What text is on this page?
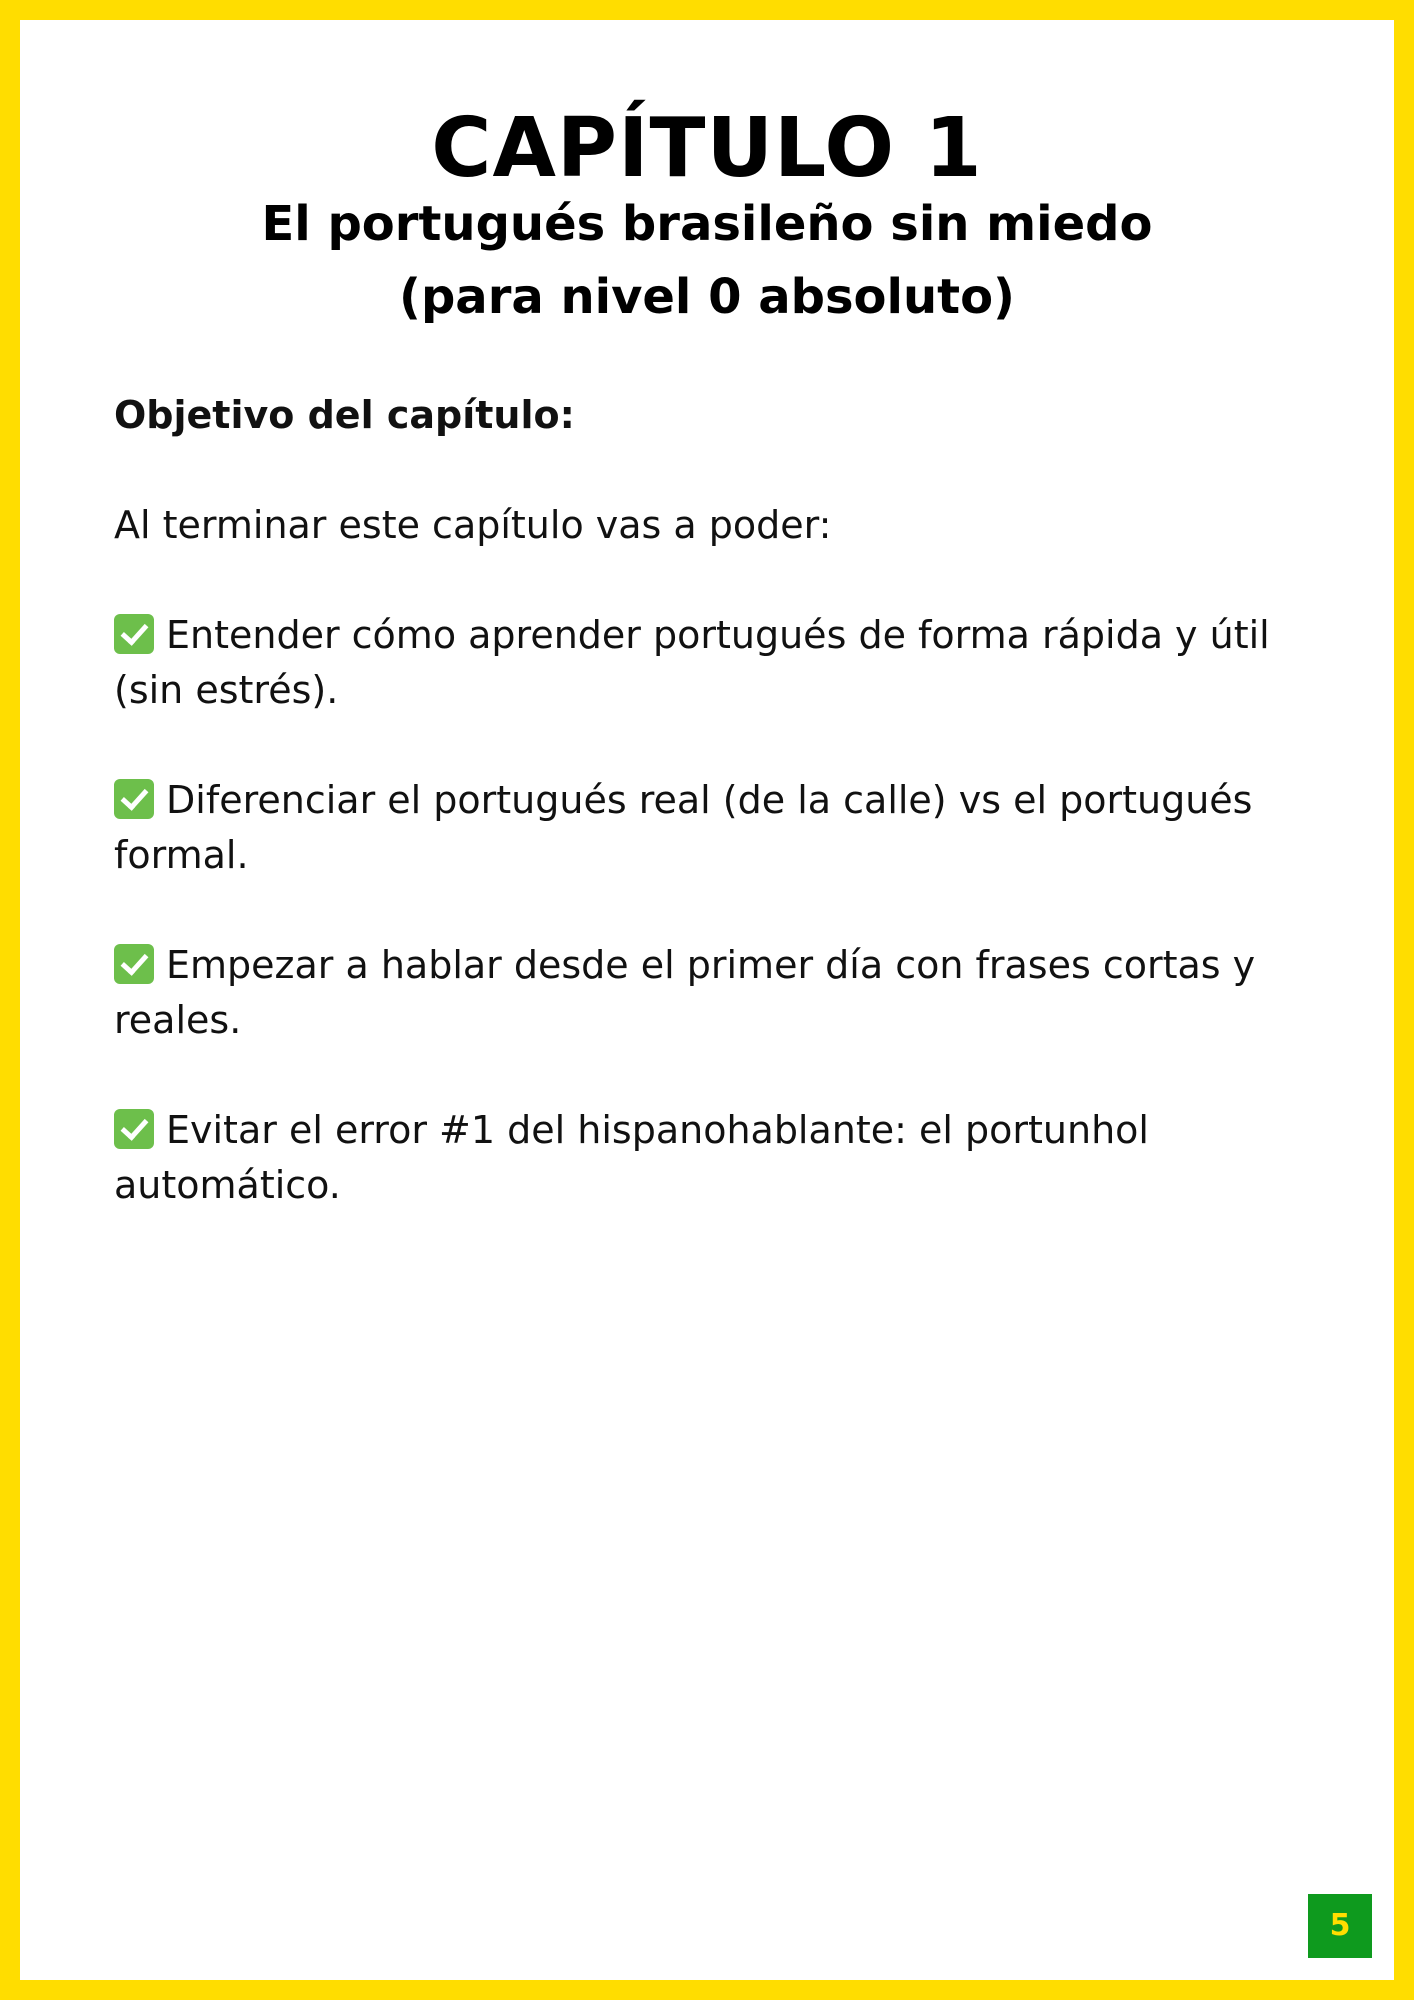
CAPÍTULO 1
El portugués brasileño sin miedo
(para nivel 0 absoluto)

Objetivo del capítulo:

Al terminar este capítulo vas a poder:

Entender cómo aprender portugués de forma rápida y útil (sin estrés).

Diferenciar el portugués real (de la calle) vs el portugués formal.

Empezar a hablar desde el primer día con frases cortas y reales.

Evitar el error #1 del hispanohablante: el portunhol automático.

5
